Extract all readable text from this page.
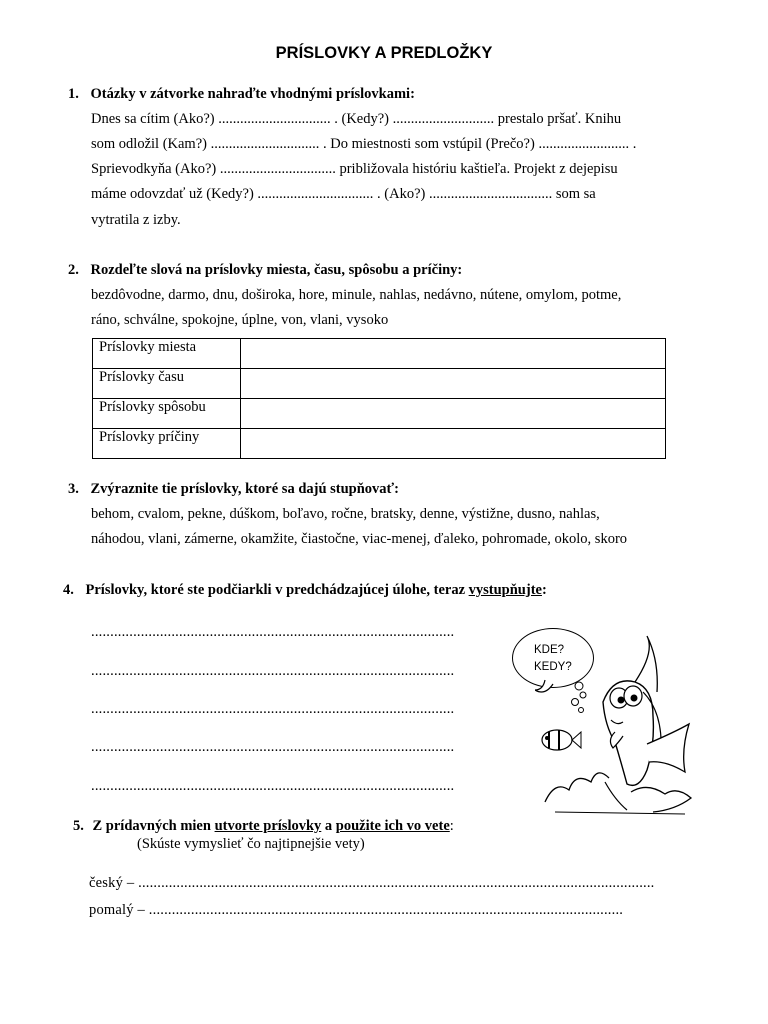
PRÍSLOVKY A PREDLOŽKY
1. Otázky v zátvorke nahraďte vhodnými príslovkami:
Dnes sa cítim (Ako?) ............................... . (Kedy?) ............................ prestalo pršať. Knihu
som odložil (Kam?) .............................. . Do miestnosti som vstúpil (Prečo?) ......................... .
Sprievodkyňa (Ako?) ................................ približovala históriu kaštieľa. Projekt z dejepisu
máme odovzdať už (Kedy?) ................................ . (Ako?) .................................. som sa
vytratila z izby.
2. Rozdeľte slová na príslovky miesta, času, spôsobu a príčiny:
bezdôvodne, darmo, dnu, doširoka, hore, minule, nahlas, nedávno, nútene, omylom, potme,
ráno, schválne, spokojne, úplne, von, vlani, vysoko
Príslovky miesta	
Príslovky času	
Príslovky spôsobu	
Príslovky príčiny	
3. Zvýraznite tie príslovky, ktoré sa dajú stupňovať:
behom, cvalom, pekne, dúškom, boľavo, ročne, bratsky, denne, výstižne, dusno, nahlas,
náhodou, vlani, zámerne, okamžite, čiastočne, viac-menej, ďaleko, pohromade, okolo, skoro
4. Príslovky, ktoré ste podčiarkli v predchádzajúcej úlohe, teraz vystupňujte:
...............................................................................................
...............................................................................................
...............................................................................................
...............................................................................................
...............................................................................................
KDE?
KEDY?
5. Z prídavných mien utvorte príslovky a použite ich vo vete:
(Skúste vymyslieť čo najtipnejšie vety)
český – .......................................................................................................................................
pomalý – ............................................................................................................................
